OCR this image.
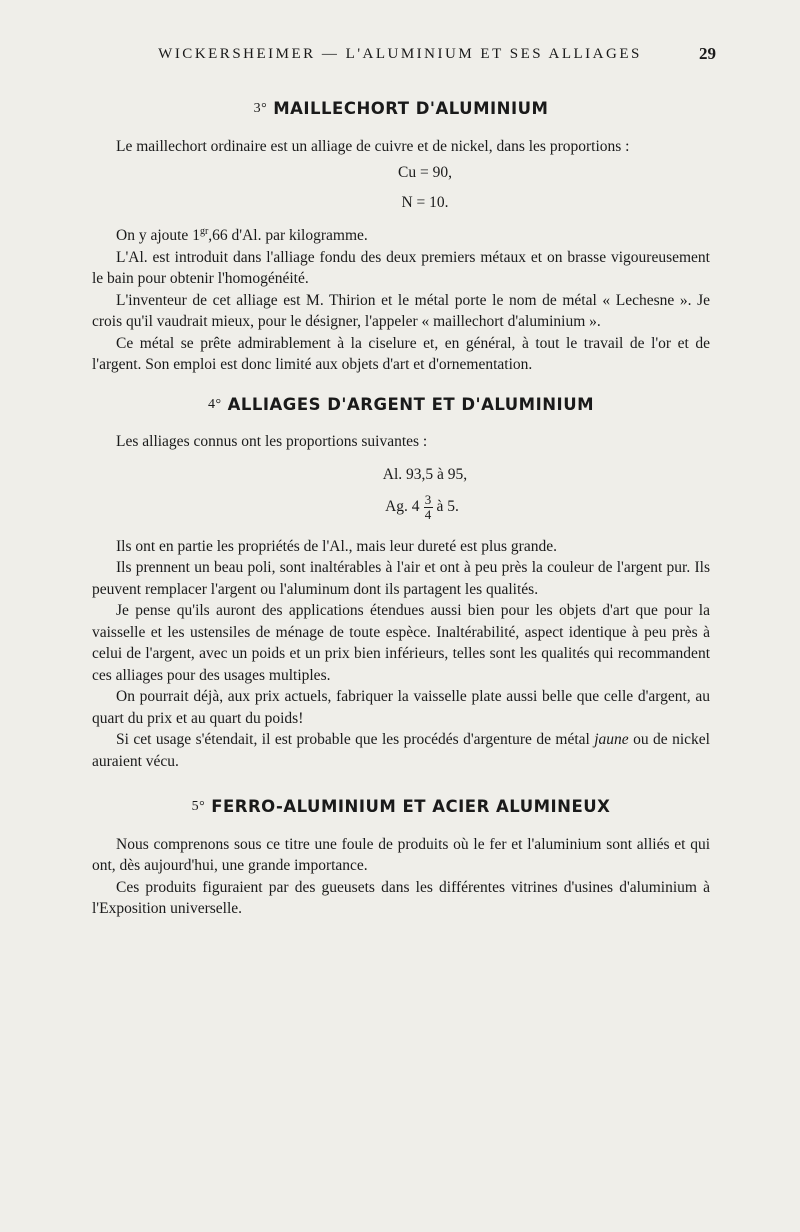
WICKERSHEIMER — L'ALUMINIUM ET SES ALLIAGES	29
3° MAILLECHORT D'ALUMINIUM

Le maillechort ordinaire est un alliage de cuivre et de nickel, dans les proportions :

Cu = 90,
N = 10.

On y ajoute $1^{gr},66$ d'Al. par kilogramme.

L'Al. est introduit dans l'alliage fondu des deux premiers métaux et on brasse vigoureusement le bain pour obtenir l'homogénéité.

L'inventeur de cet alliage est M. Thirion et le métal porte le nom de métal « Lechesne ». Je crois qu'il vaudrait mieux, pour le désigner, l'appeler « maillechort d'aluminium ».

Ce métal se prête admirablement à la ciselure et, en général, à tout le travail de l'or et de l'argent. Son emploi est donc limité aux objets d'art et d'ornementation.

4° ALLIAGES D'ARGENT ET D'ALUMINIUM

Les alliages connus ont les proportions suivantes :

Al. 93,5 à 95,
Ag. $4 \frac{3}{4}$ à 5.

Ils ont en partie les propriétés de l'Al., mais leur dureté est plus grande.

Ils prennent un beau poli, sont inaltérables à l'air et ont à peu près la couleur de l'argent pur. Ils peuvent remplacer l'argent ou l'aluminum dont ils partagent les qualités.

Je pense qu'ils auront des applications étendues aussi bien pour les objets d'art que pour la vaisselle et les ustensiles de ménage de toute espèce. Inaltérabilité, aspect identique à peu près à celui de l'argent, avec un poids et un prix bien inférieurs, telles sont les qualités qui recommandent ces alliages pour des usages multiples.

On pourrait déjà, aux prix actuels, fabriquer la vaisselle plate aussi belle que celle d'argent, au quart du prix et au quart du poids!

Si cet usage s'étendait, il est probable que les procédés d'argenture de métal jaune ou de nickel auraient vécu.

5° FERRO-ALUMINIUM ET ACIER ALUMINEUX

Nous comprenons sous ce titre une foule de produits où le fer et l'aluminium sont alliés et qui ont, dès aujourd'hui, une grande importance.

Ces produits figuraient par des gueusets dans les différentes vitrines d'usines d'aluminium à l'Exposition universelle.
